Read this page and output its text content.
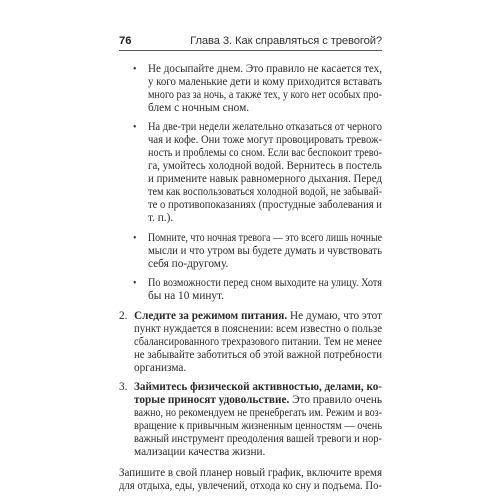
76	Глава 3. Как справляться с тревогой?
• Не досыпайте днем. Это правило не касается тех,
у кого маленькие дети и кому приходится вставать
много раз за ночь, а также тех, у кого нет особых про-
блем с ночным сном.
• На две-три недели желательно отказаться от черного
чая и кофе. Они тоже могут провоцировать тревож-
ность и проблемы со сном. Если вас беспокоит трево-
га, умойтесь холодной водой. Вернитесь в постель
и примените навык равномерного дыхания. Перед
тем как воспользоваться холодной водой, не забывай-
те о противопоказаниях (простудные заболевания и
т. п.).
• Помните, что ночная тревога — это всего лишь ночные
мысли и что утром вы будете думать и чувствовать
себя по-другому.
• По возможности перед сном выходите на улицу. Хотя
бы на 10 минут.
2. Следите за режимом питания. Не думаю, что этот
пункт нуждается в пояснении: всем известно о пользе
сбалансированного трехразового питании. Тем не менее
не забывайте заботиться об этой важной потребности
организма.
3. Займитесь физической активностью, делами, ко-
торые приносят удовольствие. Это правило очень
важно, но рекомендуем не пренебрегать им. Режим и воз-
вращение к привычным жизненным ценностям — очень
важный инструмент преодоления вашей тревоги и нор-
мализации качества жизни.
Запишите в свой планер новый график, включите время
для отдыха, еды, увлечений, отхода ко сну и подъема. По-
